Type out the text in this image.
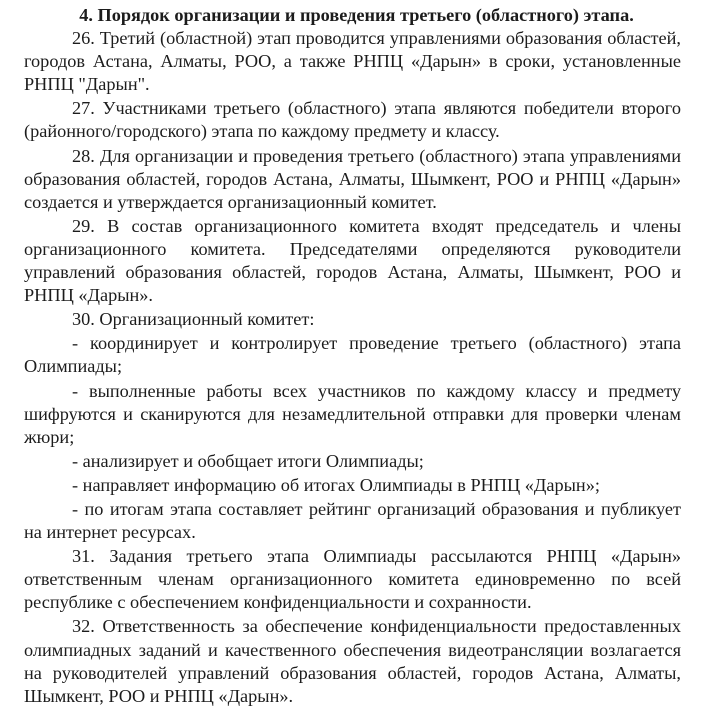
4. Порядок организации и проведения третьего (областного) этапа.

26. Третий (областной) этап проводится управлениями образования областей, городов Астана, Алматы, РОО, а также РНПЦ «Дарын» в сроки, установленные РНПЦ "Дарын".

27. Участниками третьего (областного) этапа являются победители второго (районного/городского) этапа по каждому предмету и классу.

28. Для организации и проведения третьего (областного) этапа управлениями образования областей, городов Астана, Алматы, Шымкент, РОО и РНПЦ «Дарын» создается и утверждается организационный комитет.

29. В состав организационного комитета входят председатель и члены организационного комитета. Председателями определяются руководители управлений образования областей, городов Астана, Алматы, Шымкент, РОО и РНПЦ «Дарын».

30. Организационный комитет:

- координирует и контролирует проведение третьего (областного) этапа Олимпиады;

- выполненные работы всех участников по каждому классу и предмету шифруются и сканируются для незамедлительной отправки для проверки членам жюри;

- анализирует и обобщает итоги Олимпиады;

- направляет информацию об итогах Олимпиады в РНПЦ «Дарын»;

- по итогам этапа составляет рейтинг организаций образования и публикует на интернет ресурсах.

31. Задания третьего этапа Олимпиады рассылаются РНПЦ «Дарын» ответственным членам организационного комитета единовременно по всей республике с обеспечением конфиденциальности и сохранности.

32. Ответственность за обеспечение конфиденциальности предоставленных олимпиадных заданий и качественного обеспечения видеотрансляции возлагается на руководителей управлений образования областей, городов Астана, Алматы, Шымкент, РОО и РНПЦ «Дарын».
